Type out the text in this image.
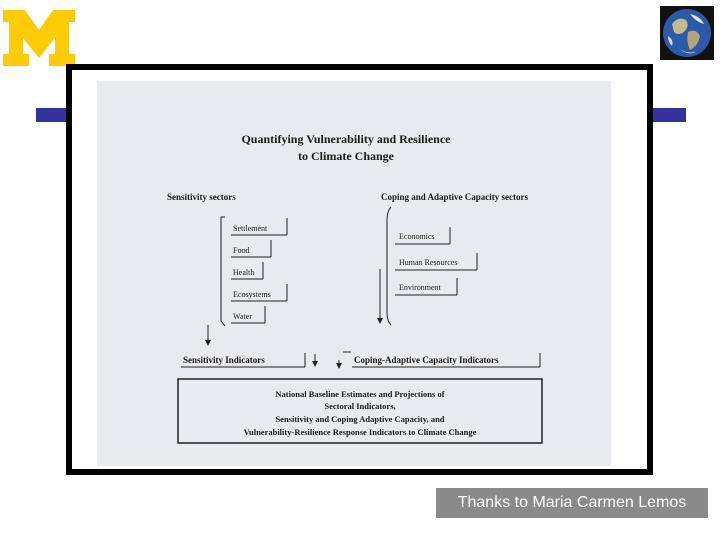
Quantifying Vulnerability and Resilience
to Climate Change
Sensitivity sectors	Coping and Adaptive Capacity sectors
Settlement
Food
Health
Ecosystems
Water
Economics
Human Resources
Environment
Sensitivity Indicators	Coping-Adaptive Capacity Indicators
National Baseline Estimates and Projections of
Sectoral Indicators,
Sensitivity and Coping Adaptive Capacity, and
Vulnerability-Resilience Response Indicators to Climate Change
Thanks to Maria Carmen Lemos
